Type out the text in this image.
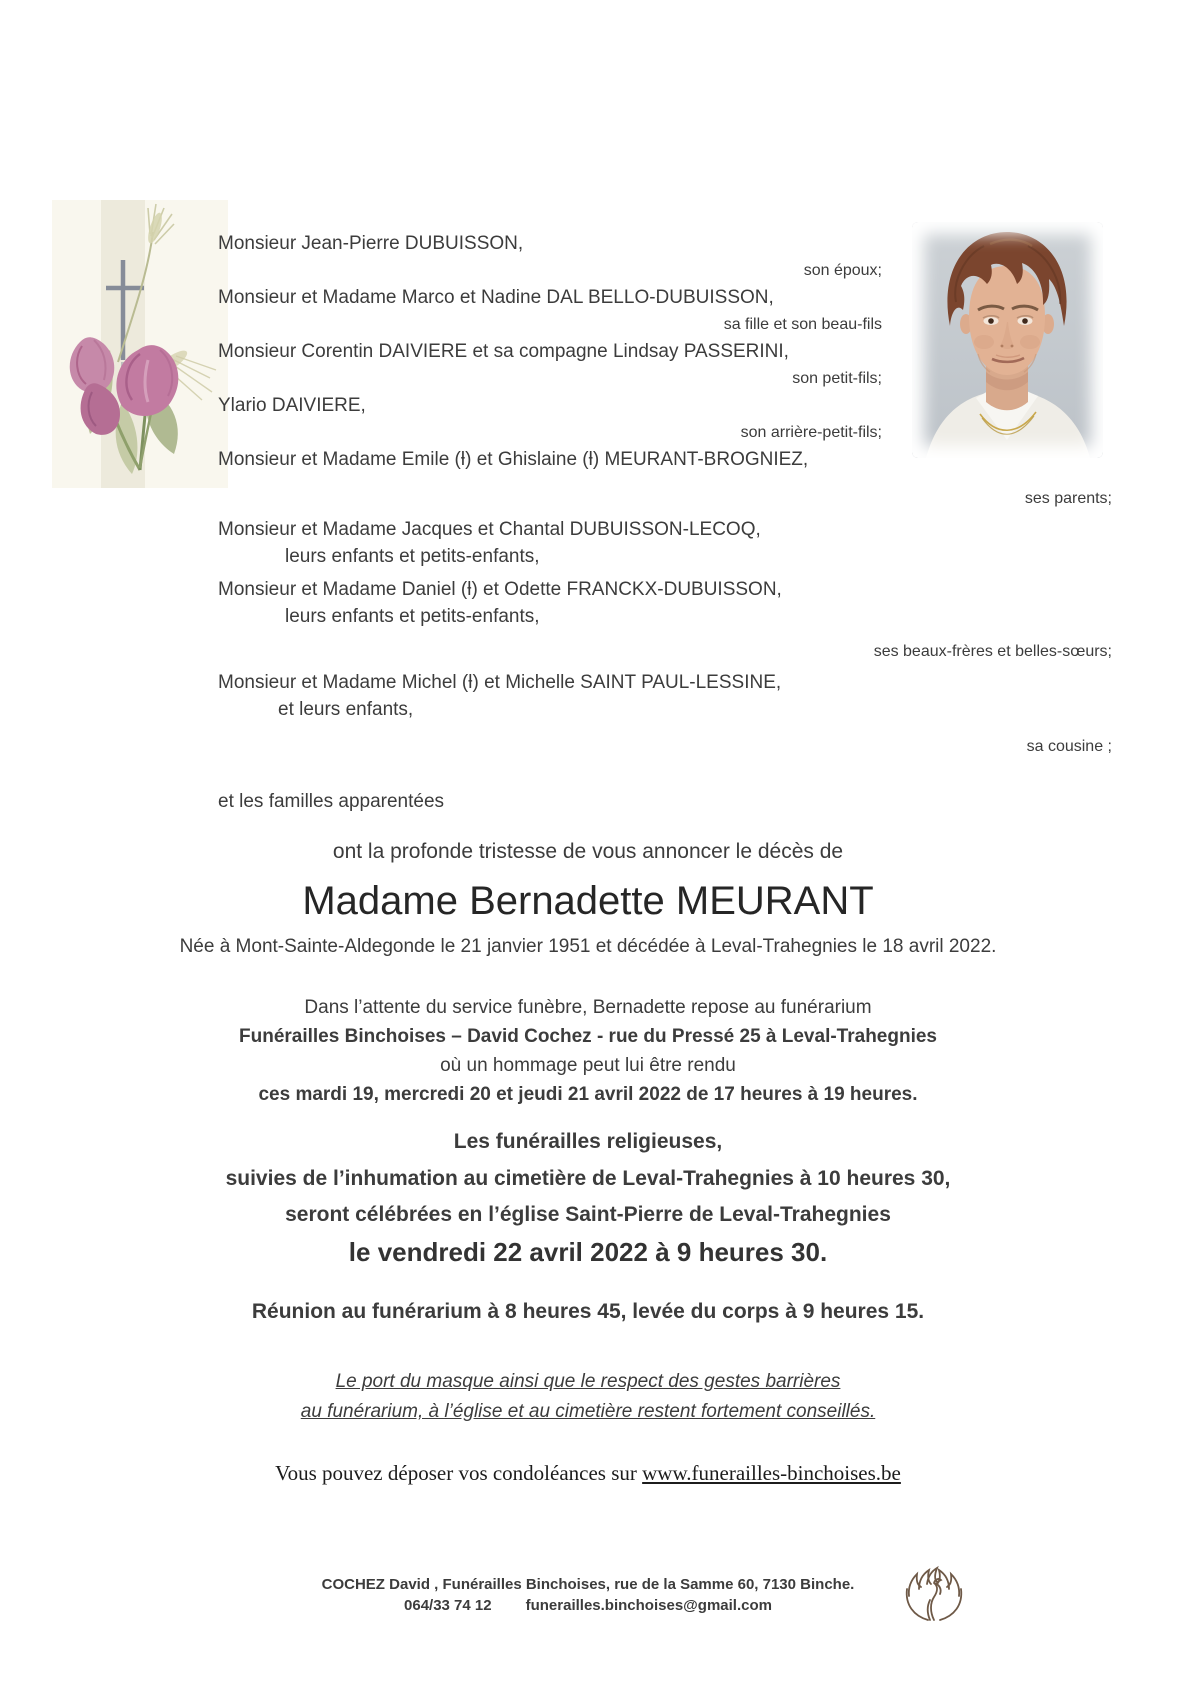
Monsieur Jean-Pierre DUBUISSON,
son époux;
Monsieur et Madame Marco et Nadine DAL BELLO-DUBUISSON,
sa fille et son beau-fils
Monsieur Corentin DAIVIERE et sa compagne Lindsay PASSERINI,
son petit-fils;
Ylario DAIVIERE,
son arrière-petit-fils;
Monsieur et Madame Emile (ƚ) et Ghislaine (ƚ) MEURANT-BROGNIEZ,
ses parents;
Monsieur et Madame Jacques et Chantal DUBUISSON-LECOQ,
leurs enfants et petits-enfants,
Monsieur et Madame Daniel (ƚ) et Odette FRANCKX-DUBUISSON,
leurs enfants et petits-enfants,
ses beaux-frères et belles-sœurs;
Monsieur et Madame Michel (ƚ) et Michelle SAINT PAUL-LESSINE,
et leurs enfants,
sa cousine ;
et les familles apparentées
ont la profonde tristesse de vous annoncer le décès de
Madame Bernadette MEURANT
Née à Mont-Sainte-Aldegonde le 21 janvier 1951 et décédée à Leval-Trahegnies le 18 avril 2022.
Dans l’attente du service funèbre, Bernadette repose au funérarium
Funérailles Binchoises – David Cochez - rue du Pressé 25 à Leval-Trahegnies
où un hommage peut lui être rendu
ces mardi 19, mercredi 20 et jeudi 21 avril 2022 de 17 heures à 19 heures.
Les funérailles religieuses,
suivies de l’inhumation au cimetière de Leval-Trahegnies à 10 heures 30,
seront célébrées en l’église Saint-Pierre de Leval-Trahegnies
le vendredi 22 avril 2022 à 9 heures 30.
Réunion au funérarium à 8 heures 45, levée du corps à 9 heures 15.
Le port du masque ainsi que le respect des gestes barrières
au funérarium, à l’église et au cimetière restent fortement conseillés.
Vous pouvez déposer vos condoléances sur www.funerailles-binchoises.be
COCHEZ David , Funérailles Binchoises, rue de la Samme 60, 7130 Binche.
064/33 74 12 funerailles.binchoises@gmail.com
